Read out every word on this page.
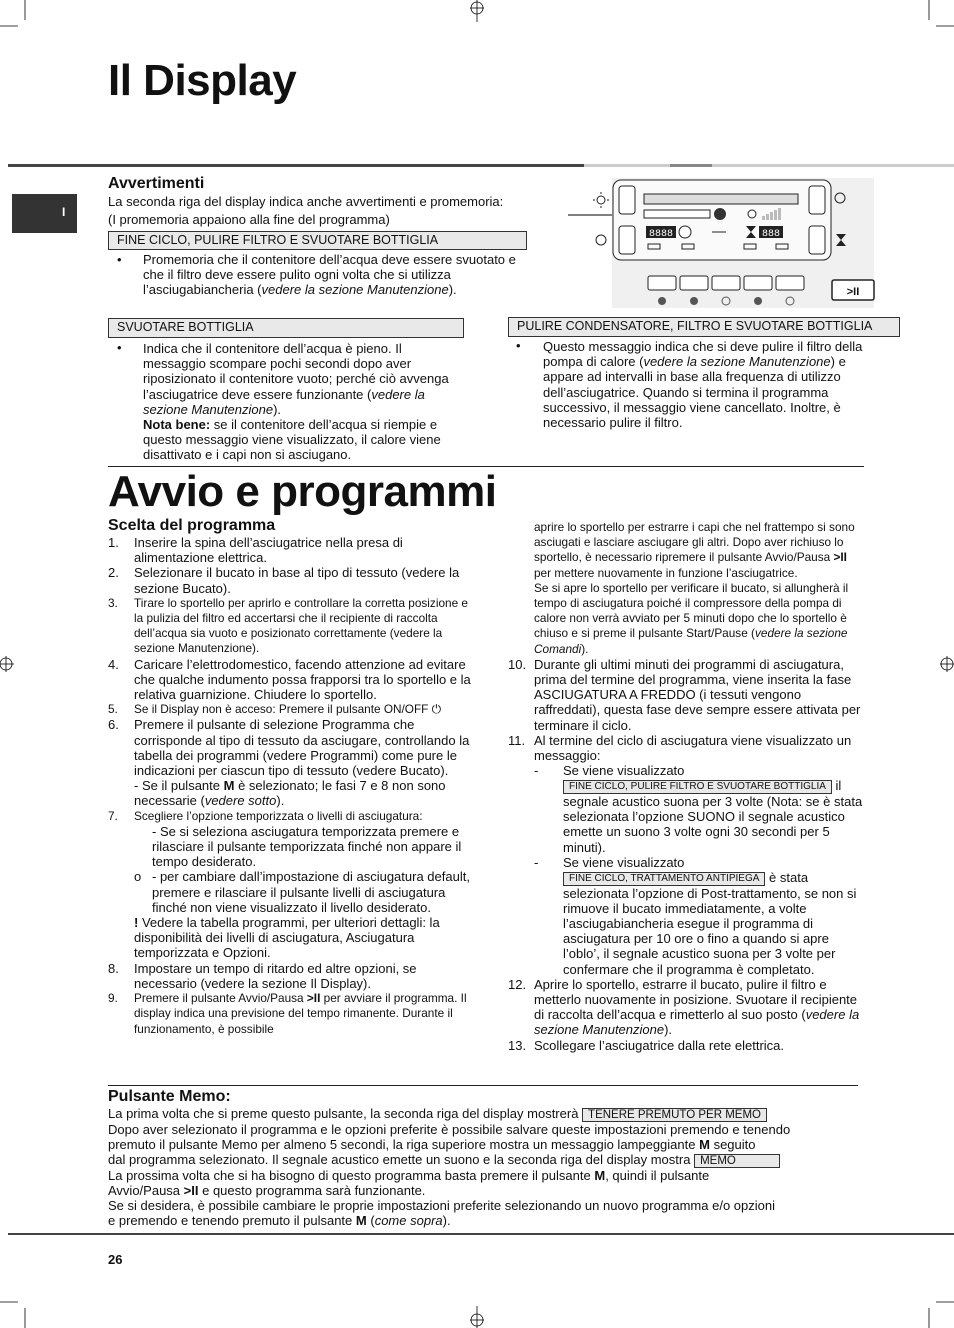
Il Display
I
Avvertimenti
La seconda riga del display indica anche avvertimenti e promemoria:
(I promemoria appaiono alla fine del programma)
FINE CICLO, PULIRE FILTRO E SVUOTARE BOTTIGLIA
• Promemoria che il contenitore dell’acqua deve essere svuotato e che il filtro deve essere pulito ogni volta che si utilizza l’asciugabiancheria (vedere la sezione Manutenzione).
SVUOTARE BOTTIGLIA
• Indica che il contenitore dell’acqua è pieno. Il messaggio scompare pochi secondi dopo aver riposizionato il contenitore vuoto; perché ciò avvenga l’asciugatrice deve essere funzionante (vedere la sezione Manutenzione).
Nota bene: se il contenitore dell’acqua si riempie e questo messaggio viene visualizzato, il calore viene disattivato e i capi non si asciugano.
8888	888
>II
PULIRE CONDENSATORE, FILTRO E SVUOTARE BOTTIGLIA
• Questo messaggio indica che si deve pulire il filtro della pompa di calore (vedere la sezione Manutenzione) e appare ad intervalli in base alla frequenza di utilizzo dell’asciugatrice. Quando si termina il programma successivo, il messaggio viene cancellato. Inoltre, è necessario pulire il filtro.
Avvio e programmi
Scelta del programma
1. Inserire la spina dell’asciugatrice nella presa di alimentazione elettrica.
2. Selezionare il bucato in base al tipo di tessuto (vedere la sezione Bucato).
3. Tirare lo sportello per aprirlo e controllare la corretta posizione e la pulizia del filtro ed accertarsi che il recipiente di raccolta dell’acqua sia vuoto e posizionato correttamente (vedere la sezione Manutenzione).
4. Caricare l’elettrodomestico, facendo attenzione ad evitare che qualche indumento possa frapporsi tra lo sportello e la relativa guarnizione. Chiudere lo sportello.
5. Se il Display non è acceso: Premere il pulsante ON/OFF ⏻
6. Premere il pulsante di selezione Programma che corrisponde al tipo di tessuto da asciugare, controllando la tabella dei programmi (vedere Programmi) come pure le indicazioni per ciascun tipo di tessuto (vedere Bucato).
- Se il pulsante M è selezionato; le fasi 7 e 8 non sono necessarie (vedere sotto).
7. Scegliere l’opzione temporizzata o livelli di asciugatura:
- Se si seleziona asciugatura temporizzata premere e rilasciare il pulsante temporizzata finché non appare il tempo desiderato.
o - per cambiare dall’impostazione di asciugatura default, premere e rilasciare il pulsante livelli di asciugatura finché non viene visualizzato il livello desiderato.
! Vedere la tabella programmi, per ulteriori dettagli: la disponibilità dei livelli di asciugatura, Asciugatura temporizzata e Opzioni.
8. Impostare un tempo di ritardo ed altre opzioni, se necessario (vedere la sezione Il Display).
9. Premere il pulsante Avvio/Pausa >II per avviare il programma. Il display indica una previsione del tempo rimanente. Durante il funzionamento, è possibile
aprire lo sportello per estrarre i capi che nel frattempo si sono asciugati e lasciare asciugare gli altri. Dopo aver richiuso lo sportello, è necessario ripremere il pulsante Avvio/Pausa >II per mettere nuovamente in funzione l’asciugatrice.
Se si apre lo sportello per verificare il bucato, si allungherà il tempo di asciugatura poiché il compressore della pompa di calore non verrà avviato per 5 minuti dopo che lo sportello è chiuso e si preme il pulsante Start/Pause (vedere la sezione Comandi).
10. Durante gli ultimi minuti dei programmi di asciugatura, prima del termine del programma, viene inserita la fase ASCIUGATURA A FREDDO (i tessuti vengono raffreddati), questa fase deve sempre essere attivata per terminare il ciclo.
11. Al termine del ciclo di asciugatura viene visualizzato un messaggio:
- Se viene visualizzato
FINE CICLO, PULIRE FILTRO E SVUOTARE BOTTIGLIA il segnale acustico suona per 3 volte (Nota: se è stata selezionata l’opzione SUONO il segnale acustico emette un suono 3 volte ogni 30 secondi per 5 minuti).
- Se viene visualizzato
FINE CICLO, TRATTAMENTO ANTIPIEGA è stata selezionata l’opzione di Post-trattamento, se non si rimuove il bucato immediatamente, a volte l’asciugabiancheria esegue il programma di asciugatura per 10 ore o fino a quando si apre l’oblo’, il segnale acustico suona per 3 volte per confermare che il programma è completato.
12. Aprire lo sportello, estrarre il bucato, pulire il filtro e metterlo nuovamente in posizione. Svuotare il recipiente di raccolta dell’acqua e rimetterlo al suo posto (vedere la sezione Manutenzione).
13. Scollegare l’asciugatrice dalla rete elettrica.
Pulsante Memo:
La prima volta che si preme questo pulsante, la seconda riga del display mostrerà TENERE PREMUTO PER MEMO
Dopo aver selezionato il programma e le opzioni preferite è possibile salvare queste impostazioni premendo e tenendo
premuto il pulsante Memo per almeno 5 secondi, la riga superiore mostra un messaggio lampeggiante M seguito
dal programma selezionato. Il segnale acustico emette un suono e la seconda riga del display mostra MEMO
La prossima volta che si ha bisogno di questo programma basta premere il pulsante M, quindi il pulsante
Avvio/Pausa >II e questo programma sarà funzionante.
Se si desidera, è possibile cambiare le proprie impostazioni preferite selezionando un nuovo programma e/o opzioni
e premendo e tenendo premuto il pulsante M (come sopra).
26
